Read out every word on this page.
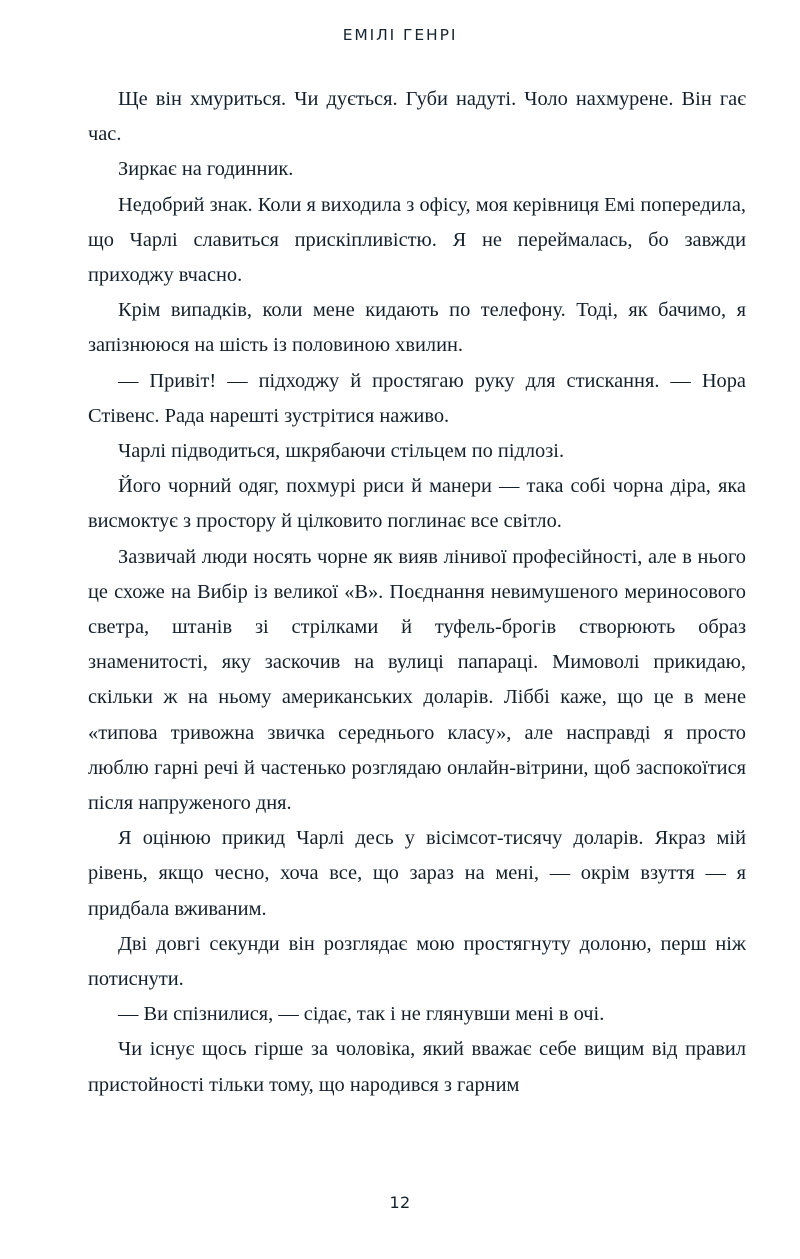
ЕМІЛІ ГЕНРІ

Ще він хмуриться. Чи дується. Губи надуті. Чоло нахмурене. Він гає час.

Зиркає на годинник.

Недобрий знак. Коли я виходила з офісу, моя керівниця Емі попередила, що Чарлі славиться прискіпливістю. Я не переймалась, бо завжди приходжу вчасно.

Крім випадків, коли мене кидають по телефону. Тоді, як бачимо, я запізнююся на шість із половиною хвилин.

— Привіт! — підходжу й простягаю руку для стискання. — Нора Стівенс. Рада нарешті зустрітися наживо.

Чарлі підводиться, шкрябаючи стільцем по підлозі.

Його чорний одяг, похмурі риси й манери — така собі чорна діра, яка висмоктує з простору й цілковито поглинає все світло.

Зазвичай люди носять чорне як вияв лінивої професійності, але в нього це схоже на Вибір із великої «В». Поєднання невимушеного мериносового светра, штанів зі стрілками й туфель-брогів створюють образ знаменитості, яку заскочив на вулиці папараці. Мимоволі прикидаю, скільки ж на ньому американських доларів. Ліббі каже, що це в мене «типова тривожна звичка середнього класу», але насправді я просто люблю гарні речі й частенько розглядаю онлайн-вітрини, щоб заспокоїтися після напруженого дня.

Я оцінюю прикид Чарлі десь у вісімсот-тисячу доларів. Якраз мій рівень, якщо чесно, хоча все, що зараз на мені, — окрім взуття — я придбала вживаним.

Дві довгі секунди він розглядає мою простягнуту долоню, перш ніж потиснути.

— Ви спізнилися, — сідає, так і не глянувши мені в очі.

Чи існує щось гірше за чоловіка, який вважає себе вищим від правил пристойності тільки тому, що народився з гарним

12
